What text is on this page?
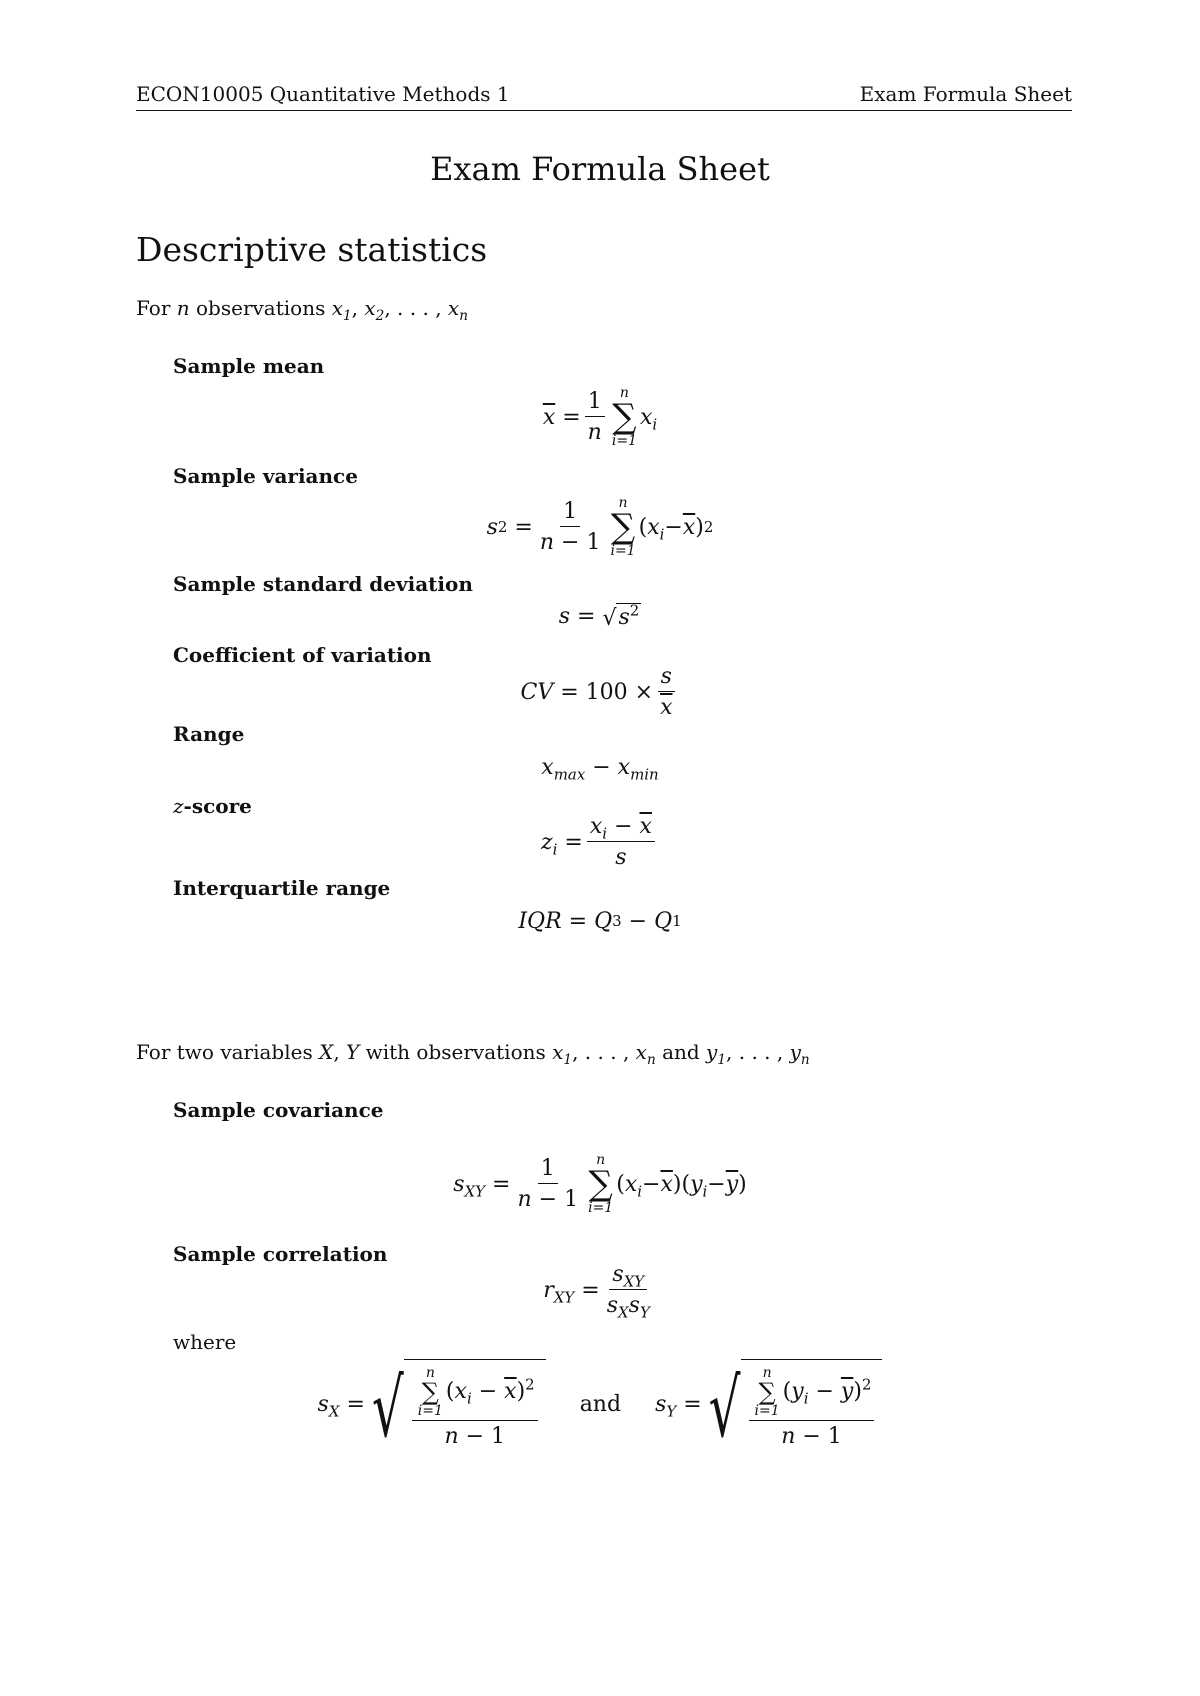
ECON10005 Quantitative Methods 1	Exam Formula Sheet
Exam Formula Sheet
Descriptive statistics
For n observations $x_1$, $x_2$, . . . , $x_n$
Sample mean
$\overline{x} = \frac{1}{n}$ n
∑
i=1
$x_i$
Sample variance
s $2 = \frac{1}{n - 1}$ n
∑
i=1
( $x_i - \overline{x}$ ) 2
Sample standard deviation
s = √ $s^2$
Coefficient of variation
CV = $100 \times \frac{s}{x}$
Range
$x_{max} - x_{min}$
z-score
$z_i = \frac{x_i - \overline{x}}{s}$
Interquartile range
IQR = Q 3 − Q 1
For two variables X, Y with observations $x_1$, . . . , $x_n$ and $y_1$, . . . , $y_n$
Sample covariance
$s_{XY} = \frac{1}{n - 1}$ n
∑
i=1
( $x_i - \overline{x}$ )( $y_i - \overline{y}$ )
Sample correlation
$r_{XY} = \frac{s_{XY}}{s_Xs_Y}$
where
$s_X$ = √ n
∑
i=1
$(x_i - \overline{x})^2$
n − 1 and $s_Y$ = √ n
∑
i=1
$(y_i - \overline{y})^2$
n − 1
